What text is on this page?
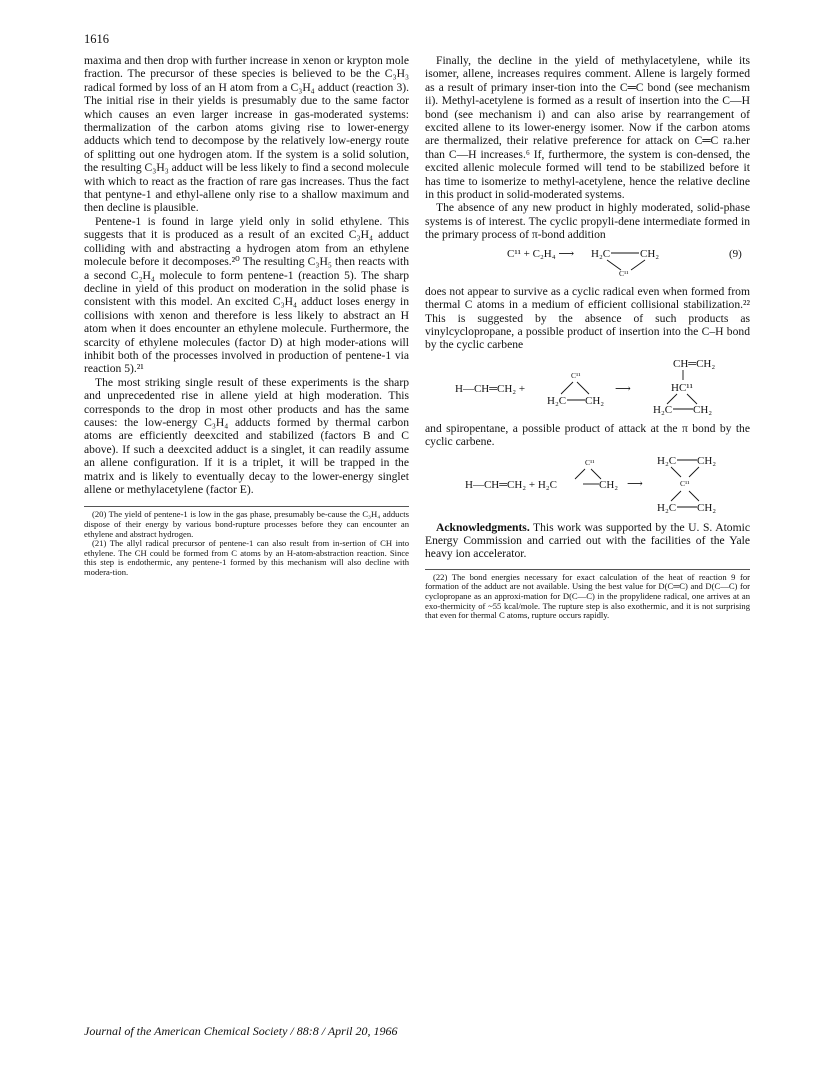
1616

maxima and then drop with further increase in xenon or krypton mole fraction. The precursor of these species is believed to be the C₃H₃ radical formed by loss of an H atom from a C₃H₄ adduct (reaction 3). The initial rise in their yields is presumably due to the same factor which causes an even larger increase in gas-moderated systems: thermalization of the carbon atoms giving rise to lower-energy adducts which tend to decompose by the relatively low-energy route of splitting out one hydrogen atom. If the system is a solid solution, the resulting C₃H₃ adduct will be less likely to find a second molecule with which to react as the fraction of rare gas increases. Thus the fact that pentyne-1 and ethyl-allene only rise to a shallow maximum and then decline is plausible.

Pentene-1 is found in large yield only in solid ethylene. This suggests that it is produced as a result of an excited C₃H₄ adduct colliding with and abstracting a hydrogen atom from an ethylene molecule before it decomposes.²⁰ The resulting C₃H₅ then reacts with a second C₂H₄ molecule to form pentene-1 (reaction 5). The sharp decline in yield of this product on moderation in the solid phase is consistent with this model. An excited C₃H₄ adduct loses energy in collisions with xenon and therefore is less likely to abstract an H atom when it does encounter an ethylene molecule. Furthermore, the scarcity of ethylene molecules (factor D) at high moder-ations will inhibit both of the processes involved in production of pentene-1 via reaction 5).²¹

The most striking single result of these experiments is the sharp and unprecedented rise in allene yield at high moderation. This corresponds to the drop in most other products and has the same causes: the low-energy C₃H₄ adducts formed by thermal carbon atoms are efficiently deexcited and stabilized (factors B and C above). If such a deexcited adduct is a singlet, it can readily assume an allene configuration. If it is a triplet, it will be trapped in the matrix and is likely to eventually decay to the lower-energy singlet allene or methylacetylene (factor E).

(20) The yield of pentene-1 is low in the gas phase, presumably be-cause the C₃H₄ adducts dispose of their energy by various bond-rupture processes before they can encounter an ethylene and abstract hydrogen.

(21) The allyl radical precursor of pentene-1 can also result from in-sertion of CH into ethylene. The CH could be formed from C atoms by an H-atom-abstraction reaction. Since this step is endothermic, any pentene-1 formed by this mechanism will also decline with modera-tion.

Finally, the decline in the yield of methylacetylene, while its isomer, allene, increases requires comment. Allene is largely formed as a result of primary inser-tion into the C═C bond (see mechanism ii). Methyl-acetylene is formed as a result of insertion into the C—H bond (see mechanism i) and can also arise by rearrangement of excited allene to its lower-energy isomer. Now if the carbon atoms are thermalized, their relative preference for attack on C═C ra.her than C—H increases.⁶ If, furthermore, the system is con-densed, the excited allenic molecule formed will tend to be stabilized before it has time to isomerize to methyl-acetylene, hence the relative decline in this product in solid-moderated systems.

The absence of any new product in highly moderated, solid-phase systems is of interest. The cyclic propyli-dene intermediate formed in the primary process of π-bond addition

C¹¹ + C₂H₄ ⟶ H₂C	CH₂
C¹¹
(9)

does not appear to survive as a cyclic radical even when formed from thermal C atoms in a medium of efficient collisional stabilization.²² This is suggested by the absence of such products as vinylcyclopropane, a possible product of insertion into the C–H bond by the cyclic carbene

H—CH═CH₂ +
C¹¹
H₂C CH₂
⟶
CH═CH₂
HC¹¹
H₂C CH₂

and spiropentane, a possible product of attack at the π bond by the cyclic carbene.

C¹¹
H—CH═CH₂ + H₂C	CH₂ ⟶
H₂C CH₂
C¹¹
H₂C CH₂

Acknowledgments. This work was supported by the U. S. Atomic Energy Commission and carried out with the facilities of the Yale heavy ion accelerator.

(22) The bond energies necessary for exact calculation of the heat of reaction 9 for formation of the adduct are not available. Using the best value for D(C═C) and D(C—C) for cyclopropane as an approxi-mation for D(C—C) in the propylidene radical, one arrives at an exo-thermicity of ~55 kcal/mole. The rupture step is also exothermic, and it is not surprising that even for thermal C atoms, rupture occurs rapidly.

Journal of the American Chemical Society / 88:8 / April 20, 1966
